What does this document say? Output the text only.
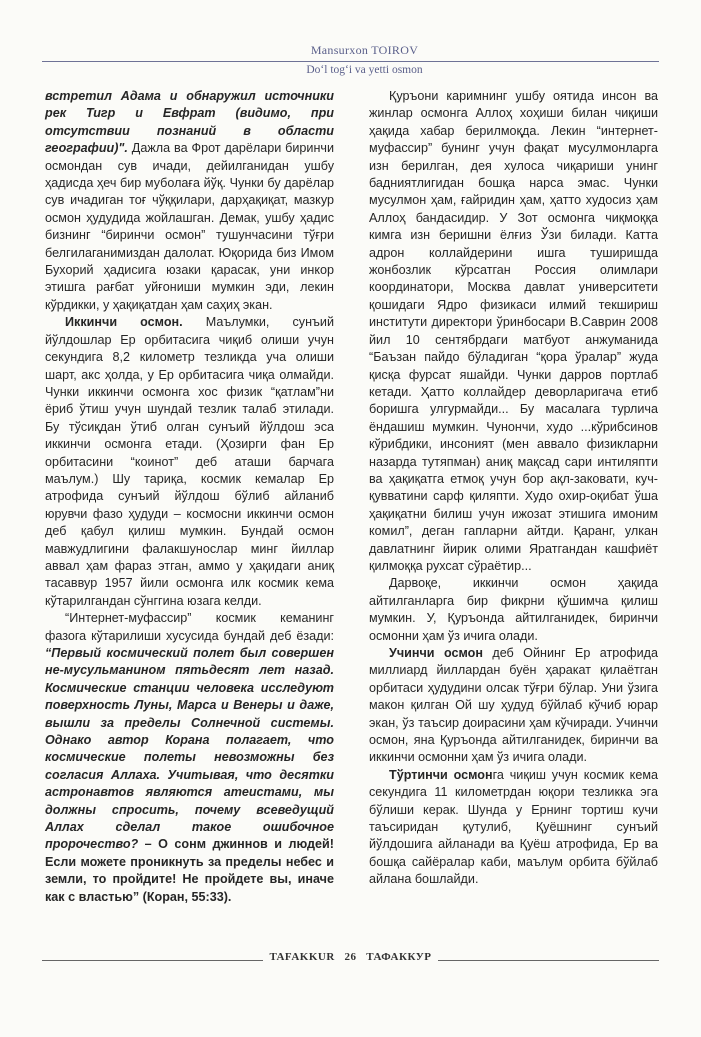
Mansurxon TOIROV
Do‘l tog‘i va yetti osmon

встретил Адама и обнаружил источники рек Тигр и Евфрат (видимо, при отсутствии познаний в области географии)". Дажла ва Фрот дарёлари биринчи осмондан сув ичади, дейилганидан ушбу ҳадисда ҳеч бир муболаға йўқ. Чунки бу дарёлар сув ичадиган тоғ чўққилари, дарҳақиқат, мазкур осмон ҳудудида жойлашган. Демак, ушбу ҳадис бизнинг “биринчи осмон” тушунчасини тўғри белгилаганимиздан далолат. Юқорида биз Имом Бухорий ҳадисига юзаки қарасак, уни инкор этишга рағбат уйғониши мумкин эди, лекин кўрдикки, у ҳақиқатдан ҳам саҳиҳ экан.

Иккинчи осмон. Маълумки, сунъий йўлдошлар Ер орбитасига чиқиб олиши учун секундига 8,2 километр тезликда уча олиши шарт, акс ҳолда, у Ер орбитасига чиқа олмайди. Чунки иккинчи осмонга хос физик “қатлам”ни ёриб ўтиш учун шундай тезлик талаб этилади. Бу тўсиқдан ўтиб олган сунъий йўлдош эса иккинчи осмонга етади. (Ҳозирги фан Ер орбитасини “коинот” деб аташи барчага маълум.) Шу тариқа, космик кемалар Ер атрофида сунъий йўлдош бўлиб айланиб юрувчи фазо ҳудуди – космосни иккинчи осмон деб қабул қилиш мумкин. Бундай осмон мавжудлигини фалакшунослар минг йиллар аввал ҳам фараз этган, аммо у ҳақидаги аниқ тасаввур 1957 йили осмонга илк космик кема кўтарилгандан сўнггина юзага келди.

“Интернет-муфассир” космик кеманинг фазога кўтарилиши хусусида бундай деб ёзади: “Первый космический полет был совершен не-мусульманином пятьдесят лет назад. Космические станции человека исследуют поверхность Луны, Марса и Венеры и даже, вышли за пределы Солнечной системы. Однако автор Корана полагает, что космические полеты невозможны без согласия Аллаха. Учитывая, что десятки астронавтов являются атеистами, мы должны спросить, почему всеведущий Аллах сделал такое ошибочное пророчество? – О сонм джиннов и людей! Если можете проникнуть за пределы небес и земли, то пройдите! Не пройдете вы, иначе как с властью” (Коран, 55:33).

Қуръони каримнинг ушбу оятида инсон ва жинлар осмонга Аллоҳ хоҳиши билан чиқиши ҳақида хабар берилмоқда. Лекин “интернет-муфассир” бунинг учун фақат мусулмонларга изн берилган, дея хулоса чиқариши унинг бадниятлигидан бошқа нарса эмас. Чунки мусулмон ҳам, ғайридин ҳам, ҳатто худосиз ҳам Аллоҳ бандасидир. У Зот осмонга чиқмоққа кимга изн беришни ёлғиз Ўзи билади. Катта адрон коллайдерини ишга туширишда жонбозлик кўрсатган Россия олимлари координатори, Москва давлат университети қошидаги Ядро физикаси илмий текшириш институти директори ўринбосари В.Саврин 2008 йил 10 сентябрдаги матбуот анжуманида “Баъзан пайдо бўладиган “қора ўралар” жуда қисқа фурсат яшайди. Чунки дарров портлаб кетади. Ҳатто коллайдер деворларигача етиб боришга улгурмайди... Бу масалага турлича ёндашиш мумкин. Чунончи, худо ...кўрибсинов кўрибдики, инсоният (мен аввало физикларни назарда тутяпман) аниқ мақсад сари интиляпти ва ҳақиқатга етмоқ учун бор ақл-заковати, куч-қувватини сарф қиляпти. Худо охир-оқибат ўша ҳақиқатни билиш учун ижозат этишига имоним комил”, деган гапларни айтди. Қаранг, улкан давлатнинг йирик олими Яратгандан кашфиёт қилмоққа рухсат сўраётир...

Дарвоқе, иккинчи осмон ҳақида айтилганларга бир фикрни қўшимча қилиш мумкин. У, Қуръонда айтилганидек, биринчи осмонни ҳам ўз ичига олади.

Учинчи осмон деб Ойнинг Ер атрофида миллиард йиллардан буён ҳаракат қилаётган орбитаси ҳудудини олсак тўғри бўлар. Уни ўзига макон қилган Ой шу ҳудуд бўйлаб кўчиб юрар экан, ўз таъсир доирасини ҳам кўчиради. Учинчи осмон, яна Қуръонда айтилганидек, биринчи ва иккинчи осмонни ҳам ўз ичига олади.

Тўртинчи осмонга чиқиш учун космик кема секундига 11 километрдан юқори тезликка эга бўлиши керак. Шунда у Ернинг тортиш кучи таъсиридан қутулиб, Қуёшнинг сунъий йўлдошига айланади ва Қуёш атрофида, Ер ва бошқа сайёралар каби, маълум орбита бўйлаб айлана бошлайди.

TAFAKKUR 26 ТАФАККУР
